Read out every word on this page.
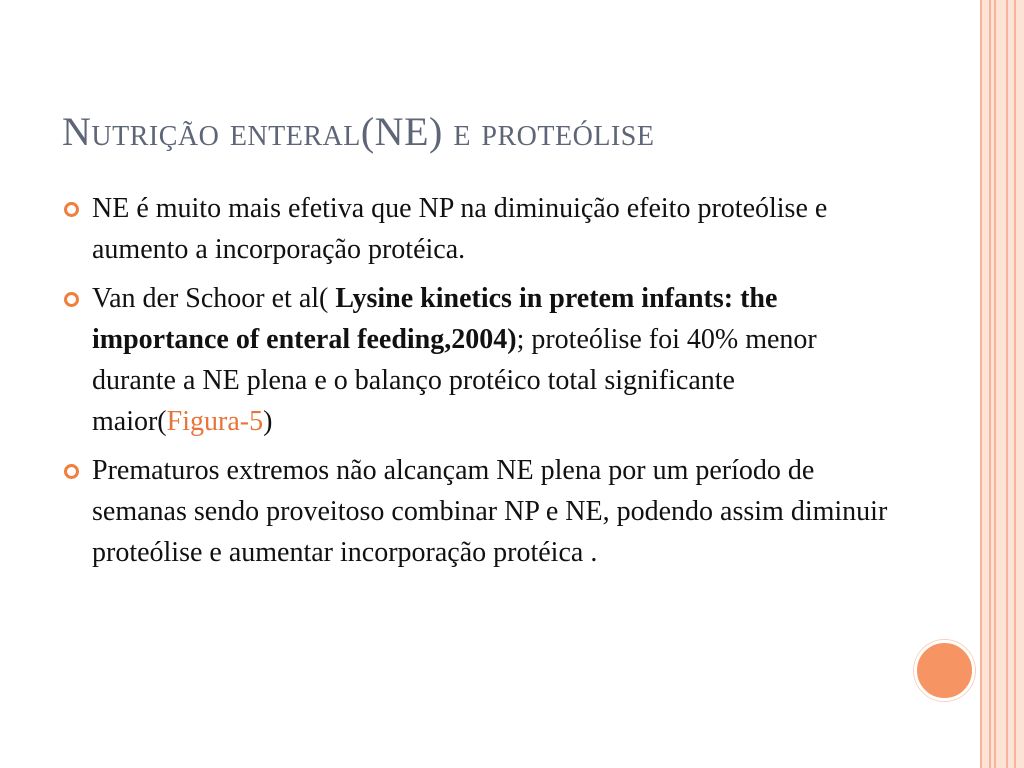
Nutrição enteral(NE) e proteólise
NE é muito mais efetiva que NP na diminuição efeito proteólise e aumento a incorporação protéica.
Van der Schoor et al( Lysine kinetics in pretem infants: the importance of enteral feeding,2004); proteólise foi 40% menor durante a NE plena e o balanço protéico total significante maior(Figura-5)
Prematuros extremos não alcançam NE plena por um período de semanas sendo proveitoso combinar NP e NE, podendo assim diminuir proteólise e aumentar incorporação protéica .
